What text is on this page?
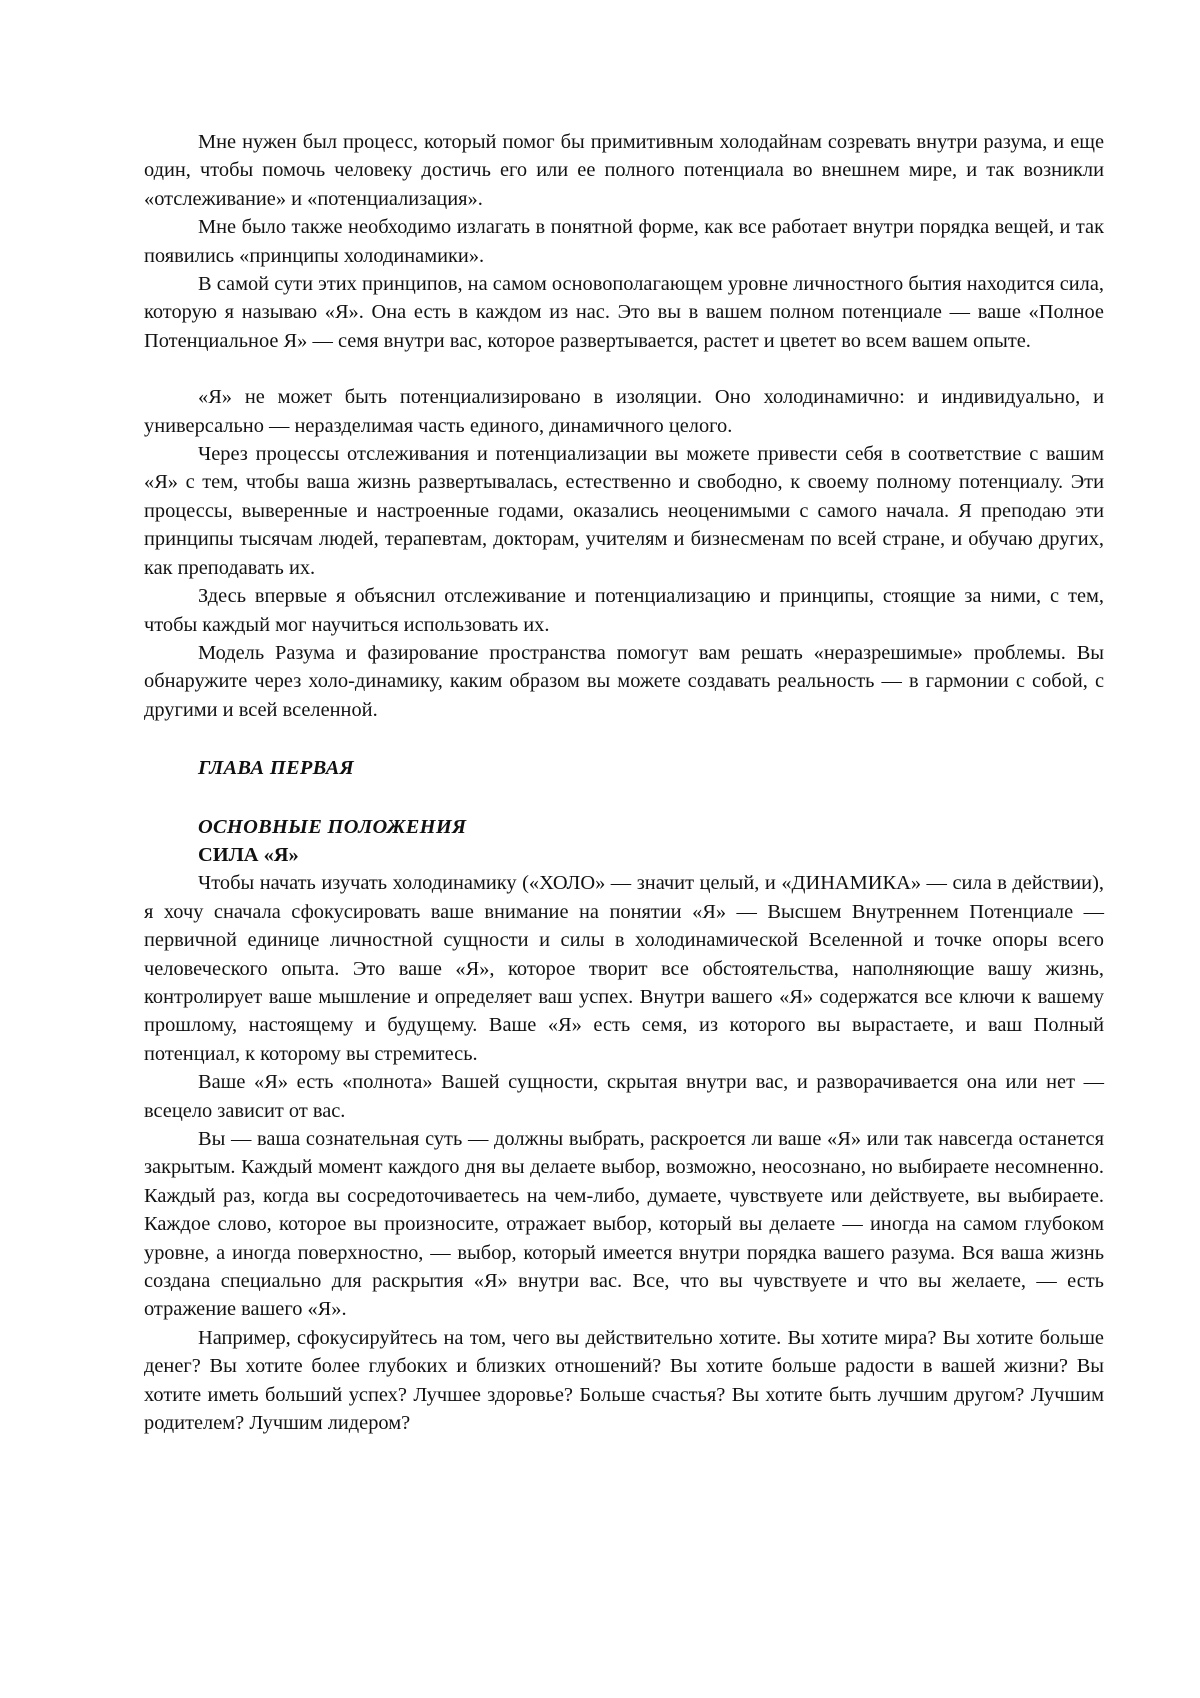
Мне нужен был процесс, который помог бы примитивным холодайнам созревать внутри разума, и еще один, чтобы помочь человеку достичь его или ее полного потенциала во внешнем мире, и так возникли «отслеживание» и «потенциализация».

Мне было также необходимо излагать в понятной форме, как все работает внутри порядка вещей, и так появились «принципы холодинамики».

В самой сути этих принципов, на самом основополагающем уровне личностного бытия находится сила, которую я называю «Я». Она есть в каждом из нас. Это вы в вашем полном потенциале — ваше «Полное Потенциальное Я» — семя внутри вас, которое развертывается, растет и цветет во всем вашем опыте.

«Я» не может быть потенциализировано в изоляции. Оно холодинамично: и индивидуально, и универсально — неразделимая часть единого, динамичного целого.

Через процессы отслеживания и потенциализации вы можете привести себя в соответствие с вашим «Я» с тем, чтобы ваша жизнь развертывалась, естественно и свободно, к своему полному потенциалу. Эти процессы, выверенные и настроенные годами, оказались неоценимыми с самого начала. Я преподаю эти принципы тысячам людей, терапевтам, докторам, учителям и бизнесменам по всей стране, и обучаю других, как преподавать их.

Здесь впервые я объяснил отслеживание и потенциализацию и принципы, стоящие за ними, с тем, чтобы каждый мог научиться использовать их.

Модель Разума и фазирование пространства помогут вам решать «неразрешимые» проблемы. Вы обнаружите через холо-динамику, каким образом вы можете создавать реальность — в гармонии с собой, с другими и всей вселенной.

ГЛАВА ПЕРВАЯ

ОСНОВНЫЕ ПОЛОЖЕНИЯ

СИЛА «Я»

Чтобы начать изучать холодинамику («ХОЛО» — значит целый, и «ДИНАМИКА» — сила в действии), я хочу сначала сфокусировать ваше внимание на понятии «Я» — Высшем Внутреннем Потенциале — первичной единице личностной сущности и силы в холодинамической Вселенной и точке опоры всего человеческого опыта. Это ваше «Я», которое творит все обстоятельства, наполняющие вашу жизнь, контролирует ваше мышление и определяет ваш успех. Внутри вашего «Я» содержатся все ключи к вашему прошлому, настоящему и будущему. Ваше «Я» есть семя, из которого вы вырастаете, и ваш Полный потенциал, к которому вы стремитесь.

Ваше «Я» есть «полнота» Вашей сущности, скрытая внутри вас, и разворачивается она или нет — всецело зависит от вас.

Вы — ваша сознательная суть — должны выбрать, раскроется ли ваше «Я» или так навсегда останется закрытым. Каждый момент каждого дня вы делаете выбор, возможно, неосознано, но выбираете несомненно. Каждый раз, когда вы сосредоточиваетесь на чем-либо, думаете, чувствуете или действуете, вы выбираете. Каждое слово, которое вы произносите, отражает выбор, который вы делаете — иногда на самом глубоком уровне, а иногда поверхностно, — выбор, который имеется внутри порядка вашего разума. Вся ваша жизнь создана специально для раскрытия «Я» внутри вас. Все, что вы чувствуете и что вы желаете, — есть отражение вашего «Я».

Например, сфокусируйтесь на том, чего вы действительно хотите. Вы хотите мира? Вы хотите больше денег? Вы хотите более глубоких и близких отношений? Вы хотите больше радости в вашей жизни? Вы хотите иметь больший успех? Лучшее здоровье? Больше счастья? Вы хотите быть лучшим другом? Лучшим родителем? Лучшим лидером?
